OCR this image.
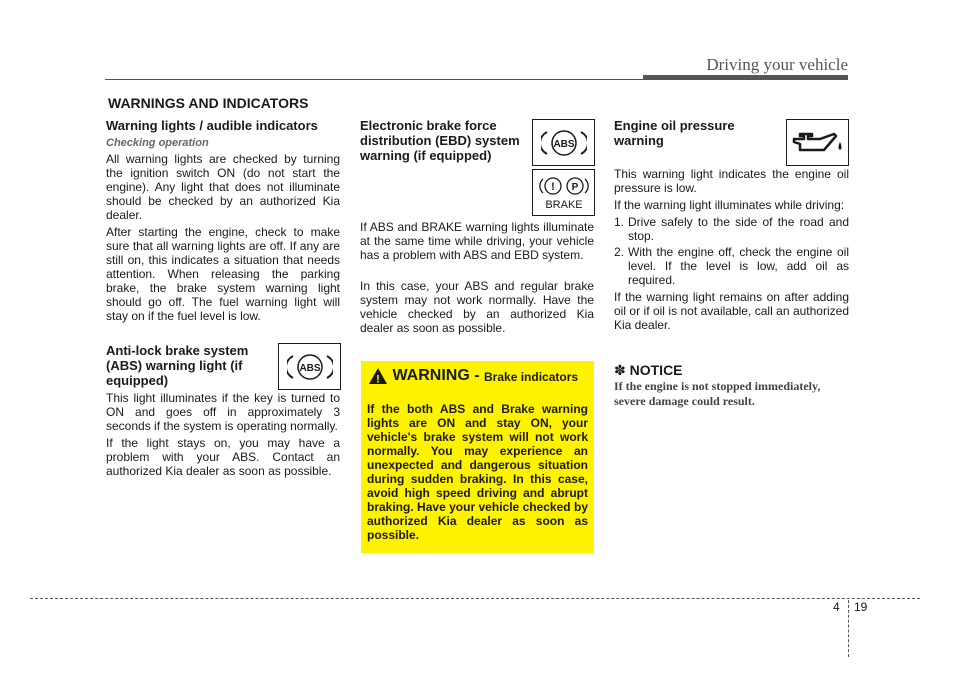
Driving your vehicle
WARNINGS AND INDICATORS
Warning lights / audible indicators
Checking operation

All warning lights are checked by turning the ignition switch ON (do not start the engine). Any light that does not illuminate should be checked by an authorized Kia dealer.

After starting the engine, check to make sure that all warning lights are off. If any are still on, this indicates a situation that needs attention. When releasing the parking brake, the brake system warning light should go off. The fuel warning light will stay on if the fuel level is low.

Anti-lock brake system (ABS) warning light (if equipped)
ABS

This light illuminates if the key is turned to ON and goes off in approximately 3 seconds if the system is operating normally.

If the light stays on, you may have a problem with your ABS. Contact an authorized Kia dealer as soon as possible.

Electronic brake force distribution (EBD) system warning (if equipped)
ABS
! P
BRAKE

If ABS and BRAKE warning lights illuminate at the same time while driving, your vehicle has a problem with ABS and EBD system.

In this case, your ABS and regular brake system may not work normally. Have the vehicle checked by an authorized Kia dealer as soon as possible.

! WARNING - Brake indicators
If the both ABS and Brake warning lights are ON and stay ON, your vehicle's brake system will not work normally. You may experience an unexpected and dangerous situation during sudden braking. In this case, avoid high speed driving and abrupt braking. Have your vehicle checked by authorized Kia dealer as soon as possible.
Engine oil pressure warning

This warning light indicates the engine oil pressure is low.

If the warning light illuminates while driving:

1. Drive safely to the side of the road and stop.
2. With the engine off, check the engine oil level. If the level is low, add oil as required.

If the warning light remains on after adding oil or if oil is not available, call an authorized Kia dealer.

✽ NOTICE
If the engine is not stopped immediately, severe damage could result.
4 19
